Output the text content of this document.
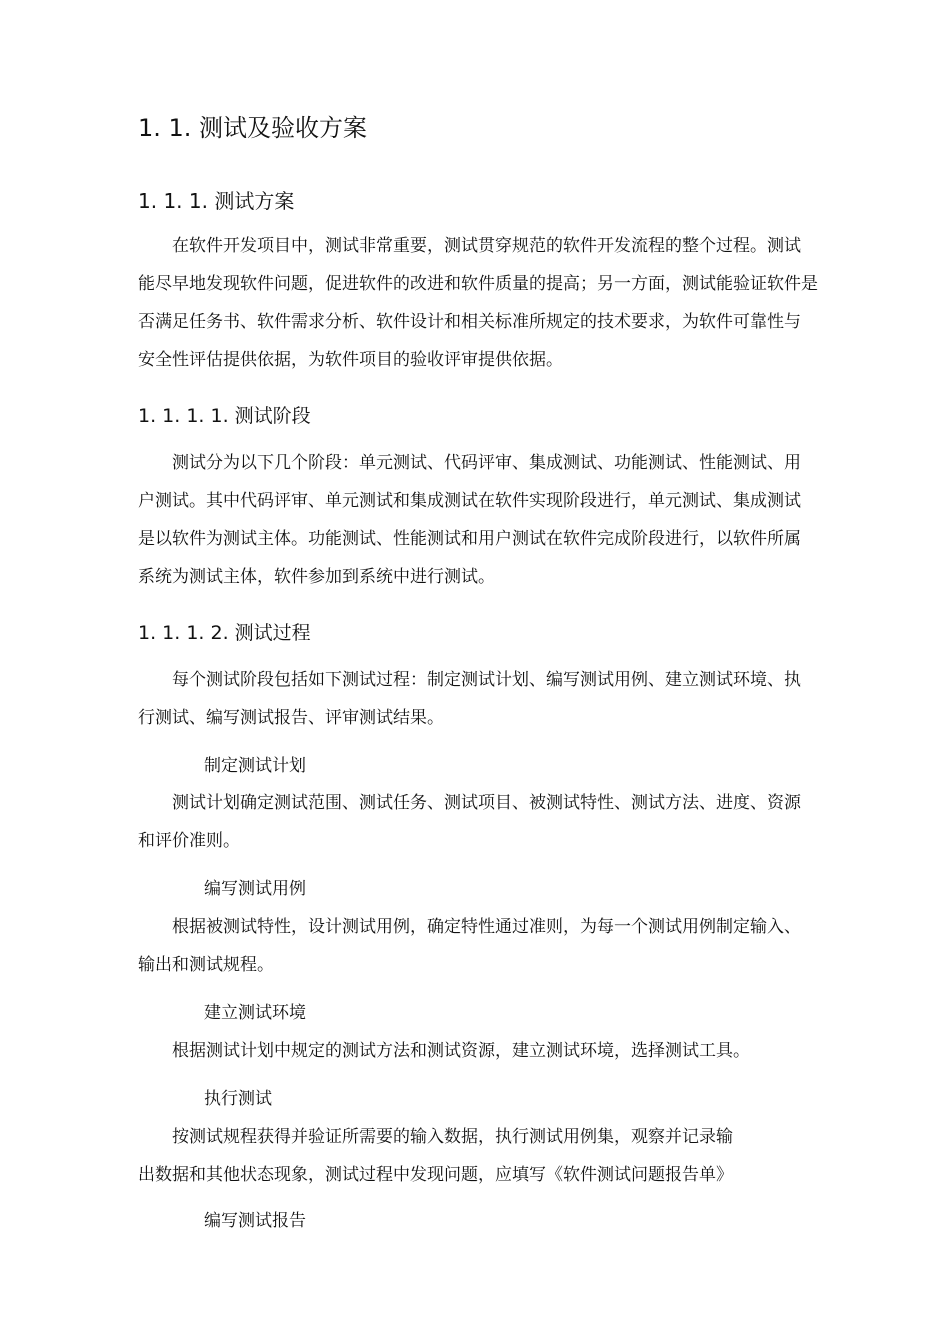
1. 1. 测试及验收方案
1. 1. 1. 测试方案

在软件开发项目中，测试非常重要，测试贯穿规范的软件开发流程的整个过程。测试
能尽早地发现软件问题，促进软件的改进和软件质量的提高；另一方面，测试能验证软件是
否满足任务书、软件需求分析、软件设计和相关标准所规定的技术要求，为软件可靠性与
安全性评估提供依据，为软件项目的验收评审提供依据。

1. 1. 1. 1. 测试阶段

测试分为以下几个阶段：单元测试、代码评审、集成测试、功能测试、性能测试、用
户测试。其中代码评审、单元测试和集成测试在软件实现阶段进行，单元测试、集成测试
是以软件为测试主体。功能测试、性能测试和用户测试在软件完成阶段进行，以软件所属
系统为测试主体，软件参加到系统中进行测试。

1. 1. 1. 2. 测试过程

每个测试阶段包括如下测试过程：制定测试计划、编写测试用例、建立测试环境、执
行测试、编写测试报告、评审测试结果。

制定测试计划

测试计划确定测试范围、测试任务、测试项目、被测试特性、测试方法、进度、资源
和评价准则。

编写测试用例

根据被测试特性，设计测试用例，确定特性通过准则，为每一个测试用例制定输入、
输出和测试规程。

建立测试环境

根据测试计划中规定的测试方法和测试资源，建立测试环境，选择测试工具。

执行测试

按测试规程获得并验证所需要的输入数据，执行测试用例集，观察并记录输
出数据和其他状态现象，测试过程中发现问题，应填写《软件测试问题报告单》

编写测试报告
